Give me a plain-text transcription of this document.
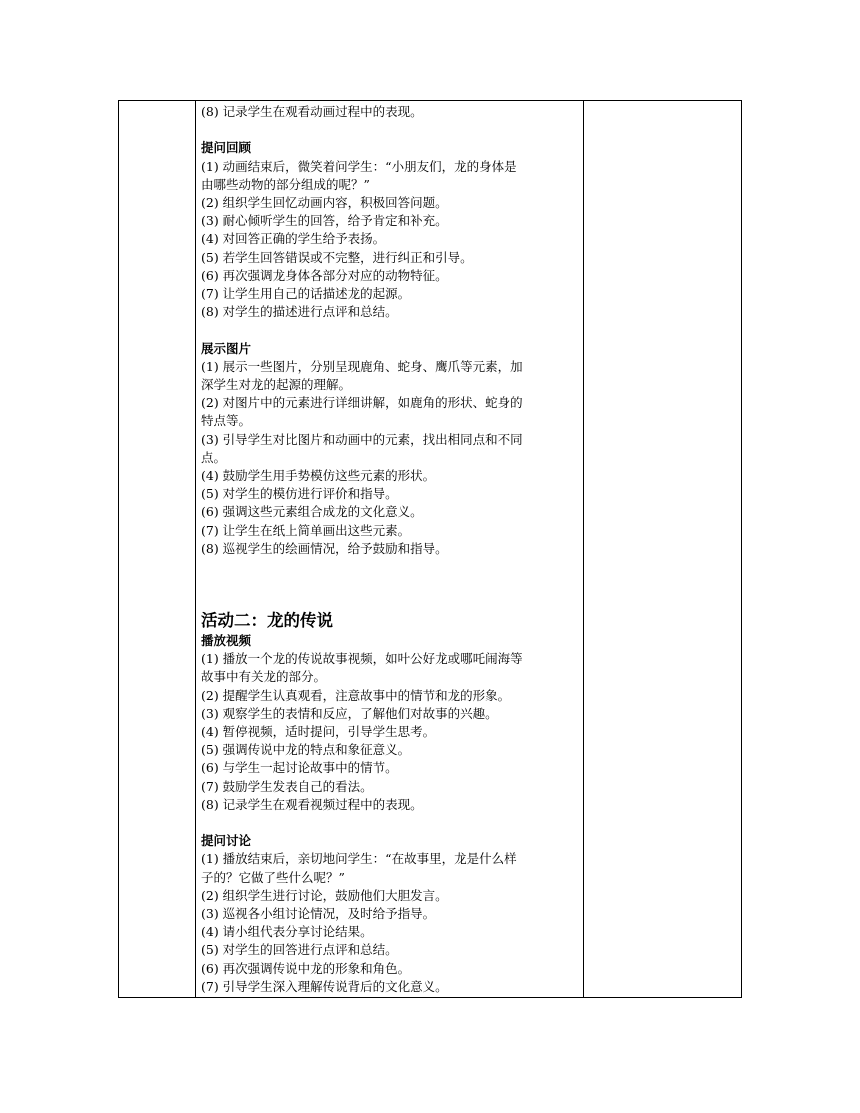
(8) 记录学生在观看动画过程中的表现。
提问回顾
(1) 动画结束后，微笑着问学生：“小朋友们，龙的身体是
由哪些动物的部分组成的呢？”
(2) 组织学生回忆动画内容，积极回答问题。
(3) 耐心倾听学生的回答，给予肯定和补充。
(4) 对回答正确的学生给予表扬。
(5) 若学生回答错误或不完整，进行纠正和引导。
(6) 再次强调龙身体各部分对应的动物特征。
(7) 让学生用自己的话描述龙的起源。
(8) 对学生的描述进行点评和总结。
展示图片
(1) 展示一些图片，分别呈现鹿角、蛇身、鹰爪等元素，加
深学生对龙的起源的理解。
(2) 对图片中的元素进行详细讲解，如鹿角的形状、蛇身的
特点等。
(3) 引导学生对比图片和动画中的元素，找出相同点和不同
点。
(4) 鼓励学生用手势模仿这些元素的形状。
(5) 对学生的模仿进行评价和指导。
(6) 强调这些元素组合成龙的文化意义。
(7) 让学生在纸上简单画出这些元素。
(8) 巡视学生的绘画情况，给予鼓励和指导。
活动二：龙的传说
播放视频
(1) 播放一个龙的传说故事视频，如叶公好龙或哪吒闹海等
故事中有关龙的部分。
(2) 提醒学生认真观看，注意故事中的情节和龙的形象。
(3) 观察学生的表情和反应，了解他们对故事的兴趣。
(4) 暂停视频，适时提问，引导学生思考。
(5) 强调传说中龙的特点和象征意义。
(6) 与学生一起讨论故事中的情节。
(7) 鼓励学生发表自己的看法。
(8) 记录学生在观看视频过程中的表现。
提问讨论
(1) 播放结束后，亲切地问学生：“在故事里，龙是什么样
子的？它做了些什么呢？”
(2) 组织学生进行讨论，鼓励他们大胆发言。
(3) 巡视各小组讨论情况，及时给予指导。
(4) 请小组代表分享讨论结果。
(5) 对学生的回答进行点评和总结。
(6) 再次强调传说中龙的形象和角色。
(7) 引导学生深入理解传说背后的文化意义。
